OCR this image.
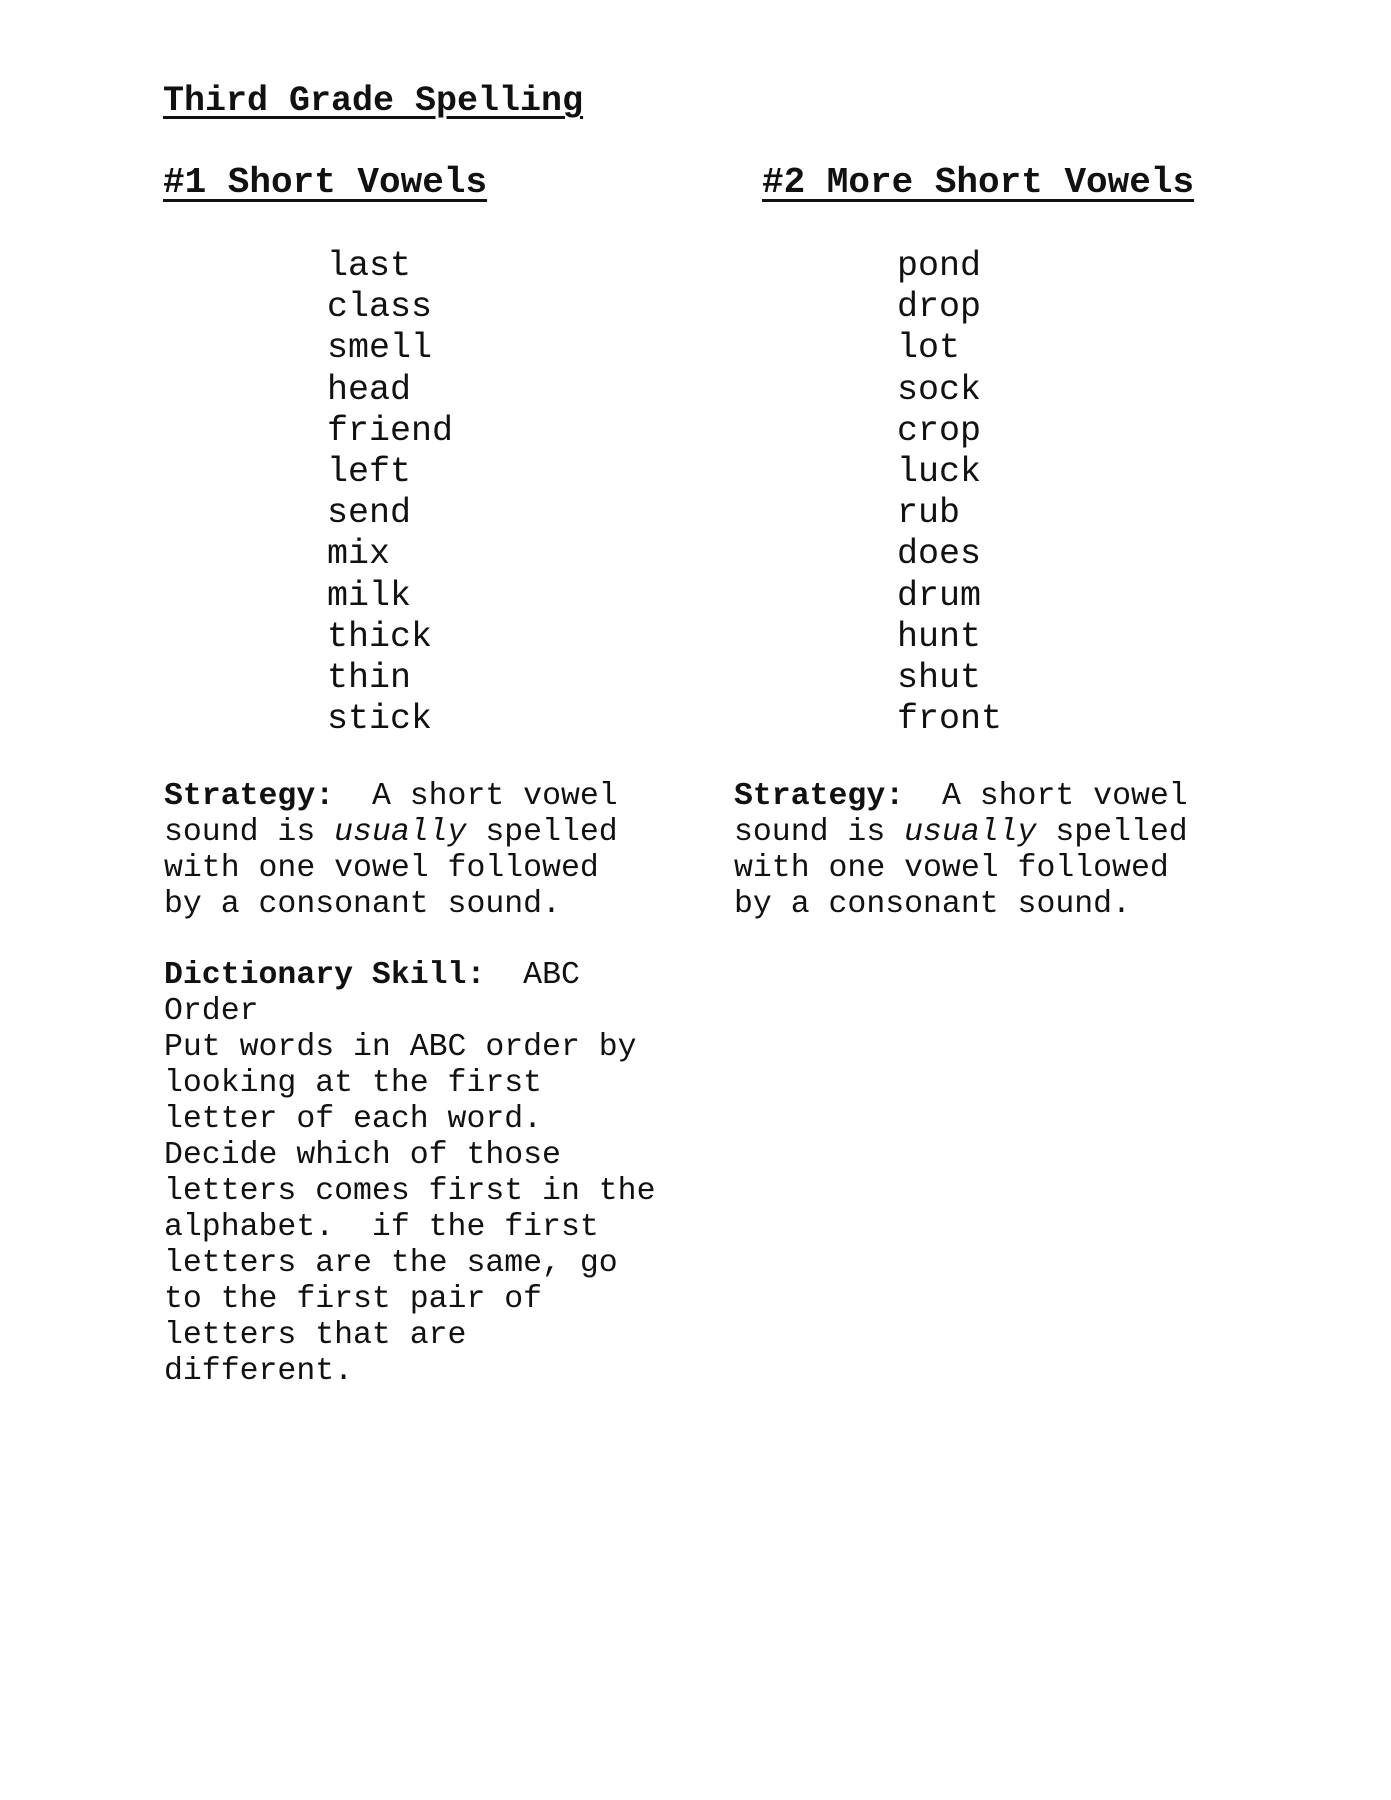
Third Grade Spelling
#1 Short Vowels	#2 More Short Vowels
last
class
smell
head
friend
left
send
mix
milk
thick
thin
stick
pond
drop
lot
sock
crop
luck
rub
does
drum
hunt
shut
front
Strategy:  A short vowel sound is usually spelled with one vowel followed by a consonant sound.
Strategy:  A short vowel sound is usually spelled with one vowel followed by a consonant sound.
Dictionary Skill:  ABC Order
Put words in ABC order by looking at the first letter of each word. Decide which of those letters comes first in the alphabet.  if the first letters are the same, go to the first pair of letters that are different.
